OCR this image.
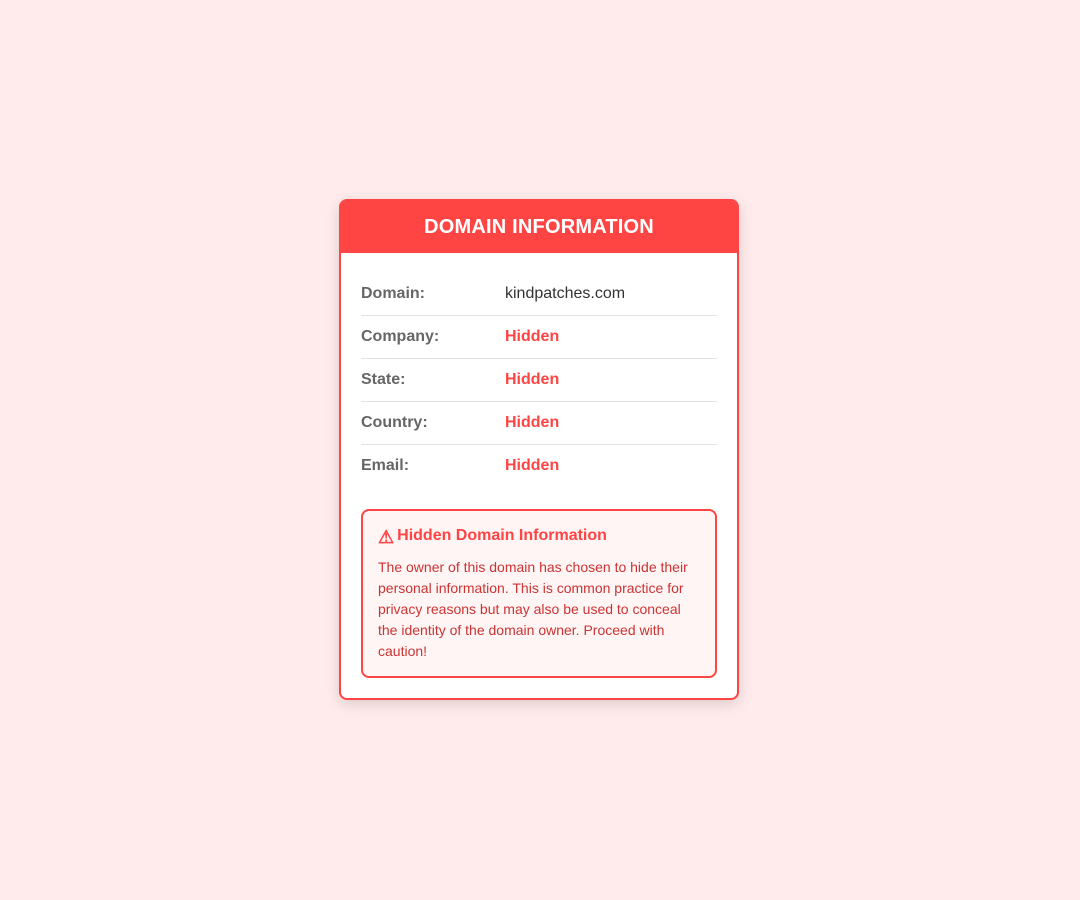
DOMAIN INFORMATION
Domain:	kindpatches.com
Company:	Hidden
State:	Hidden
Country:	Hidden
Email:	Hidden
⚠ Hidden Domain Information

The owner of this domain has chosen to hide their personal information. This is common practice for privacy reasons but may also be used to conceal the identity of the domain owner. Proceed with caution!
